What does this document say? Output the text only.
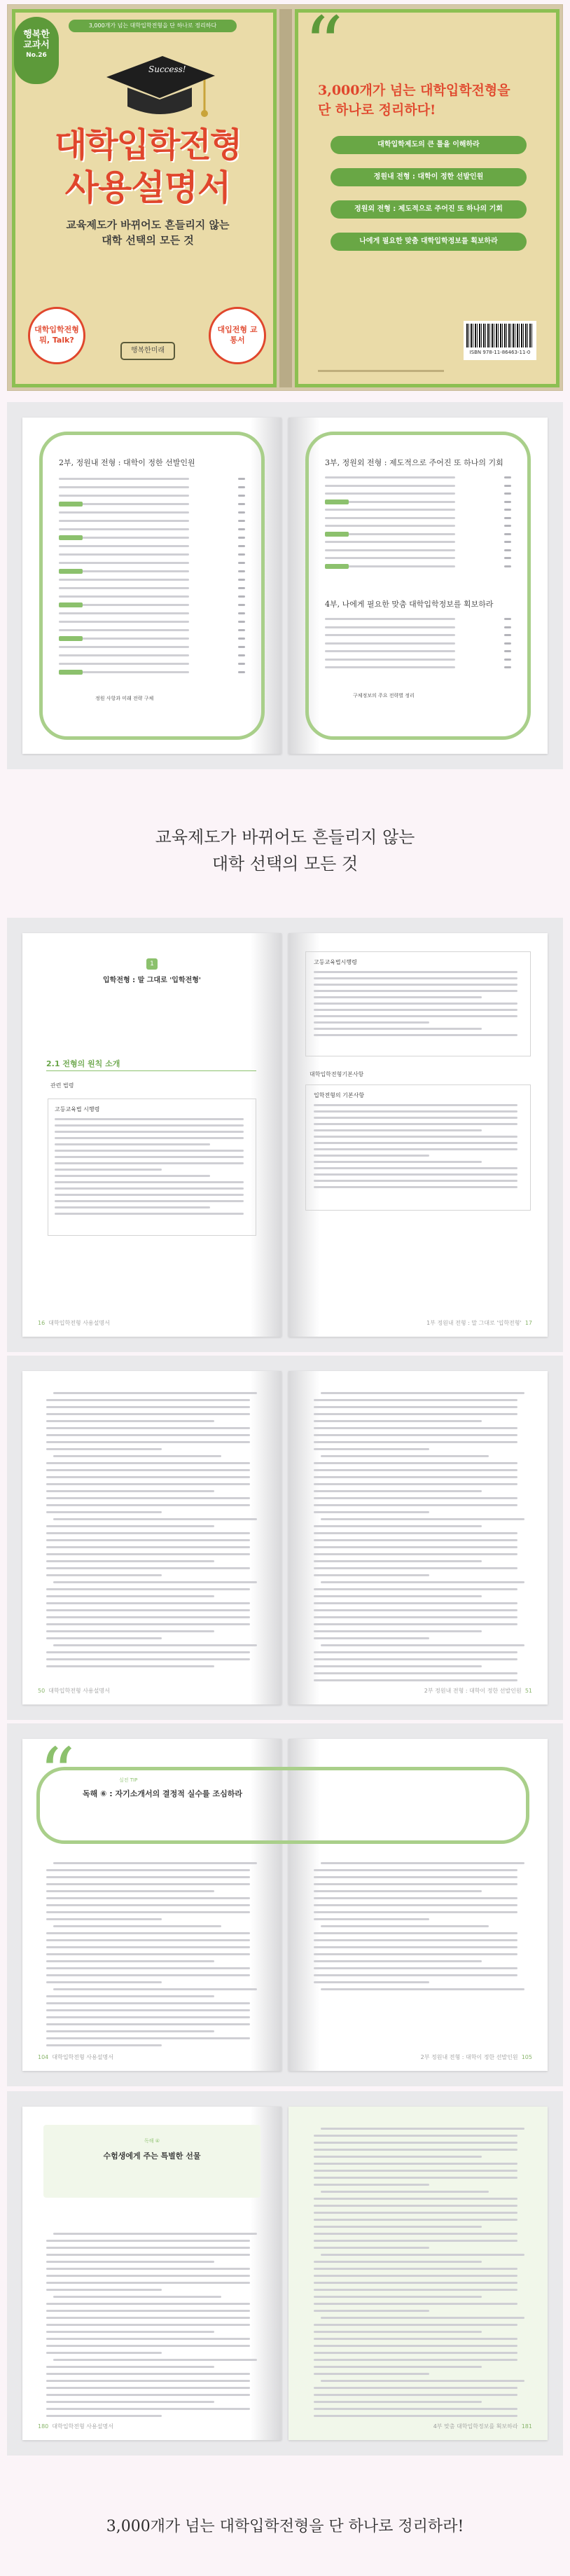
행복한
교과서
No.26
3,000개가 넘는 대학입학전형을 단 하나로 정리하다
Success!
대학입학전형
사용설명서
교육제도가 바뀌어도 흔들리지 않는
대학 선택의 모든 것
대학입학전형 뭐, Talk?
행복한미래
대입전형 교통서
“
3,000개가 넘는 대학입학전형을
단 하나로 정리하다!
대학입학제도의 큰 틀을 이해하라
정원내 전형 : 대학이 정한 선발인원
정원외 전형 : 제도적으로 주어진 또 하나의 기회
나에게 필요한 맞춤 대학입학정보를 획보하라
ISBN 978-11-86463-11-0
2부, 정원내 전형 : 대학이 정한 선발인원
정원 사항과 미래 전략 구체
3부, 정원외 전형 : 제도적으로 주어진 또 하나의 기회
4부, 나에게 필요한 맞춤 대학입학정보를 획보하라
구체정보의 주요 전략별 정리
교육제도가 바뀌어도 흔들리지 않는
대학 선택의 모든 것
1
입학전형 : 말 그대로 '입학전형'
2.1 전형의 원칙 소개
관련 법령
고등교육법 시행령
16 대학입학전형 사용설명서
고등교육법시행령
대학입학전형기본사항
입학전형의 기본사항
1부 정원내 전형 : 말 그대로 '입학전형' 17
50 대학입학전형 사용설명서	2부 정원내 전형 : 대학이 정한 선발인원 51
“	실전 TIP
독해 ⑥ : 자기소개서의 결정적 실수를 조심하라
104 대학입학전형 사용설명서	2부 정원내 전형 : 대학이 정한 선발인원 105
독해 ④
수험생에게 주는 특별한 선물
180 대학입학전형 사용설명서	4부 맞춤 대학입학정보를 획보하라 181
3,000개가 넘는 대학입학전형을 단 하나로 정리하라!
